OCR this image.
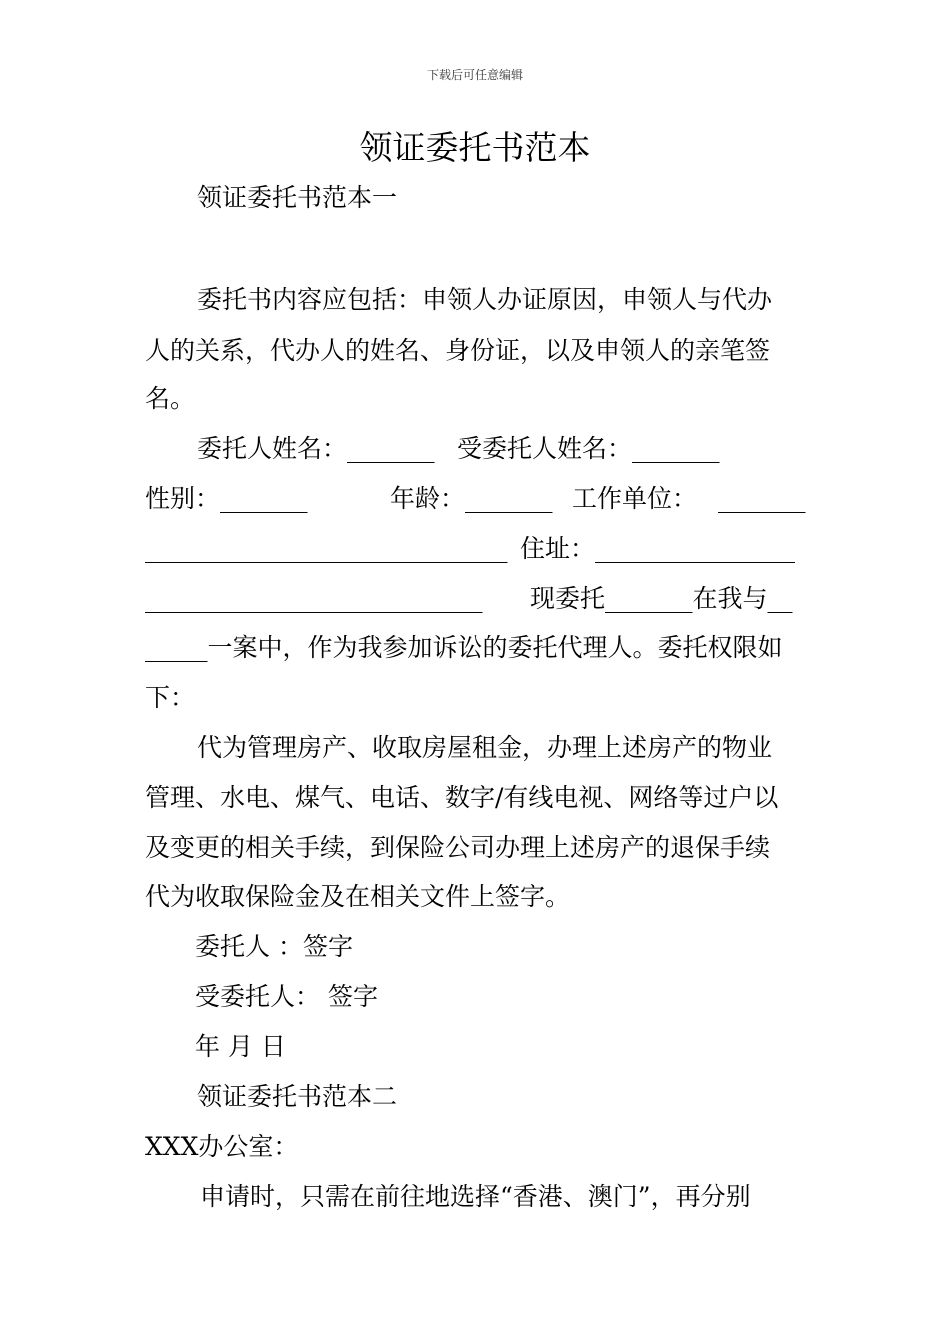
下载后可任意编辑
领证委托书范本
领证委托书范本一
委托书内容应包括：申领人办证原因，申领人与代办
人的关系，代办人的姓名、身份证，以及申领人的亲笔签
名。
委托人姓名：_______ 受委托人姓名：_______
性别：_______	年龄：_______ 工作单位： _______
_____________________________ 住址：________________
___________________________ 现委托_______在我与__
_____一案中，作为我参加诉讼的委托代理人。委托权限如
下：
代为管理房产、收取房屋租金，办理上述房产的物业
管理、水电、煤气、电话、数字/有线电视、网络等过户以
及变更的相关手续，到保险公司办理上述房产的退保手续
代为收取保险金及在相关文件上签字。
委托人 ：签字
受委托人： 签字
年 月 日
领证委托书范本二
XXX办公室：
申请时，只需在前往地选择“香港、澳门”，再分别
